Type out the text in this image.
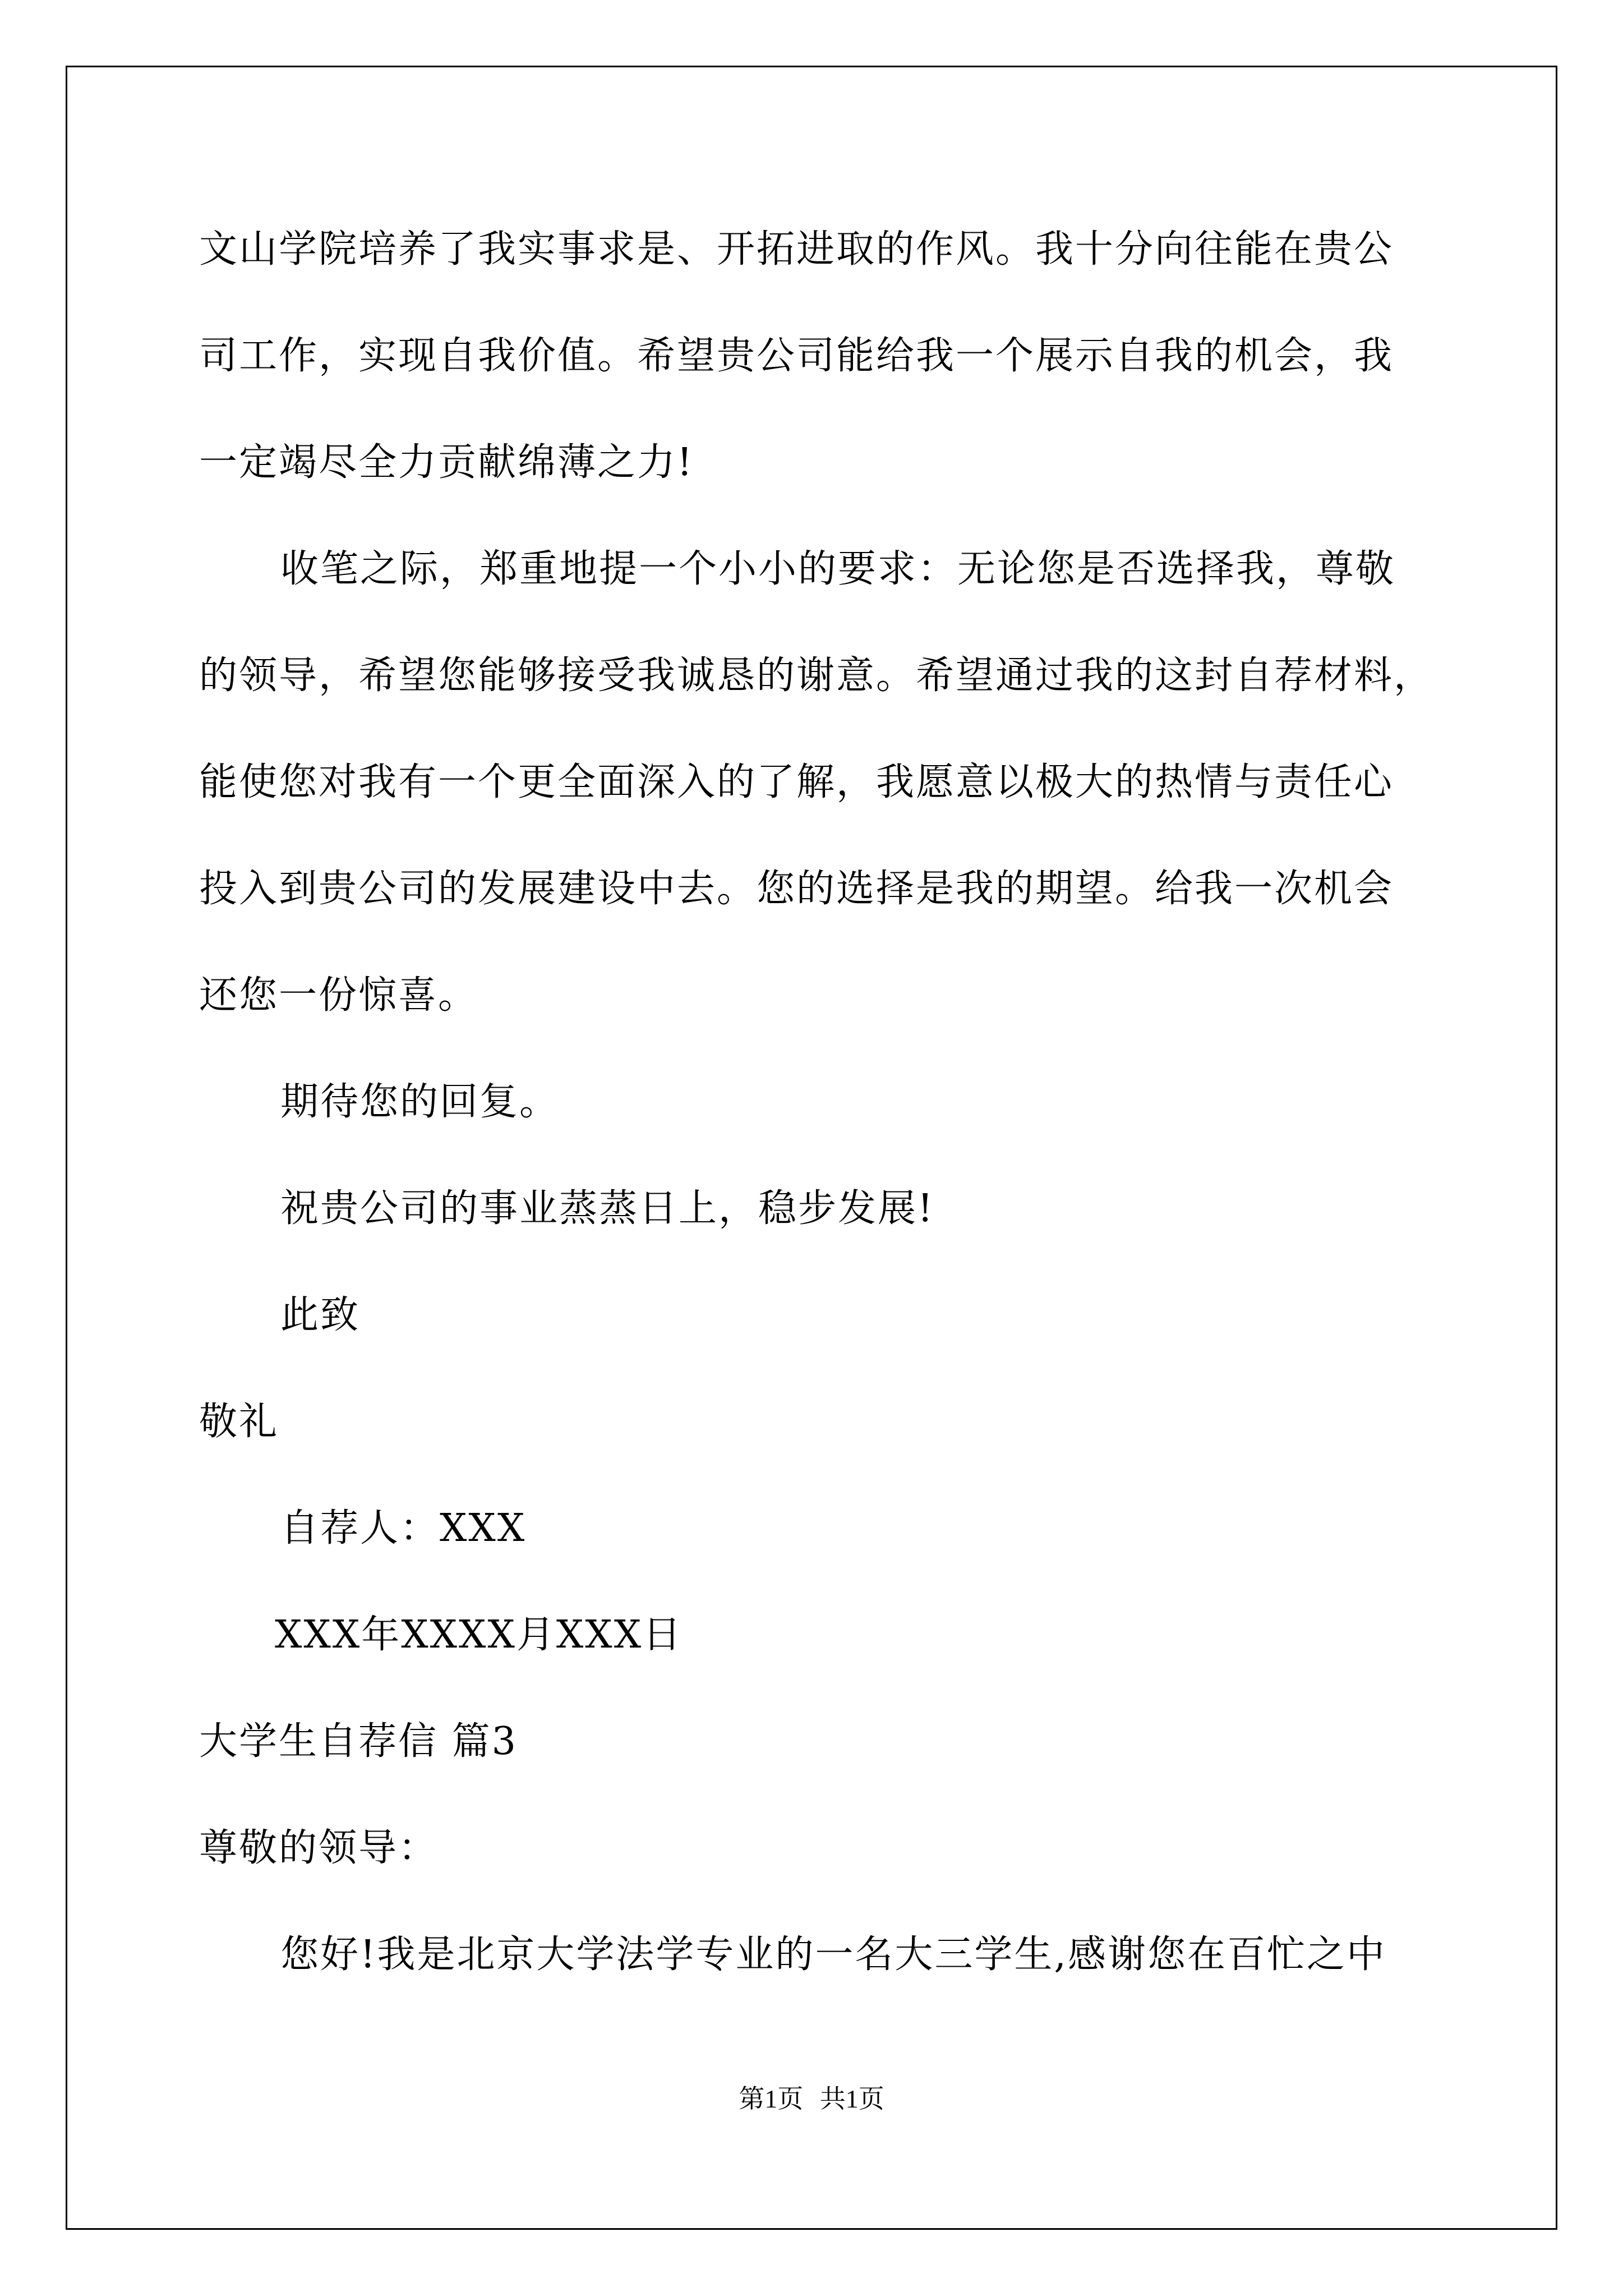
文山学院培养了我实事求是、开拓进取的作风。我十分向往能在贵公
司工作，实现自我价值。希望贵公司能给我一个展示自我的机会，我
一定竭尽全力贡献绵薄之力!
收笔之际，郑重地提一个小小的要求：无论您是否选择我，尊敬
的领导，希望您能够接受我诚恳的谢意。希望通过我的这封自荐材料，
能使您对我有一个更全面深入的了解，我愿意以极大的热情与责任心
投入到贵公司的发展建设中去。您的选择是我的期望。给我一次机会
还您一份惊喜。
期待您的回复。
祝贵公司的事业蒸蒸日上，稳步发展!
此致
敬礼
自荐人：XXX
XXX年XXXX月XXX日
大学生自荐信 篇3
尊敬的领导：
您好!我是北京大学法学专业的一名大三学生,感谢您在百忙之中
第1页 共1页
